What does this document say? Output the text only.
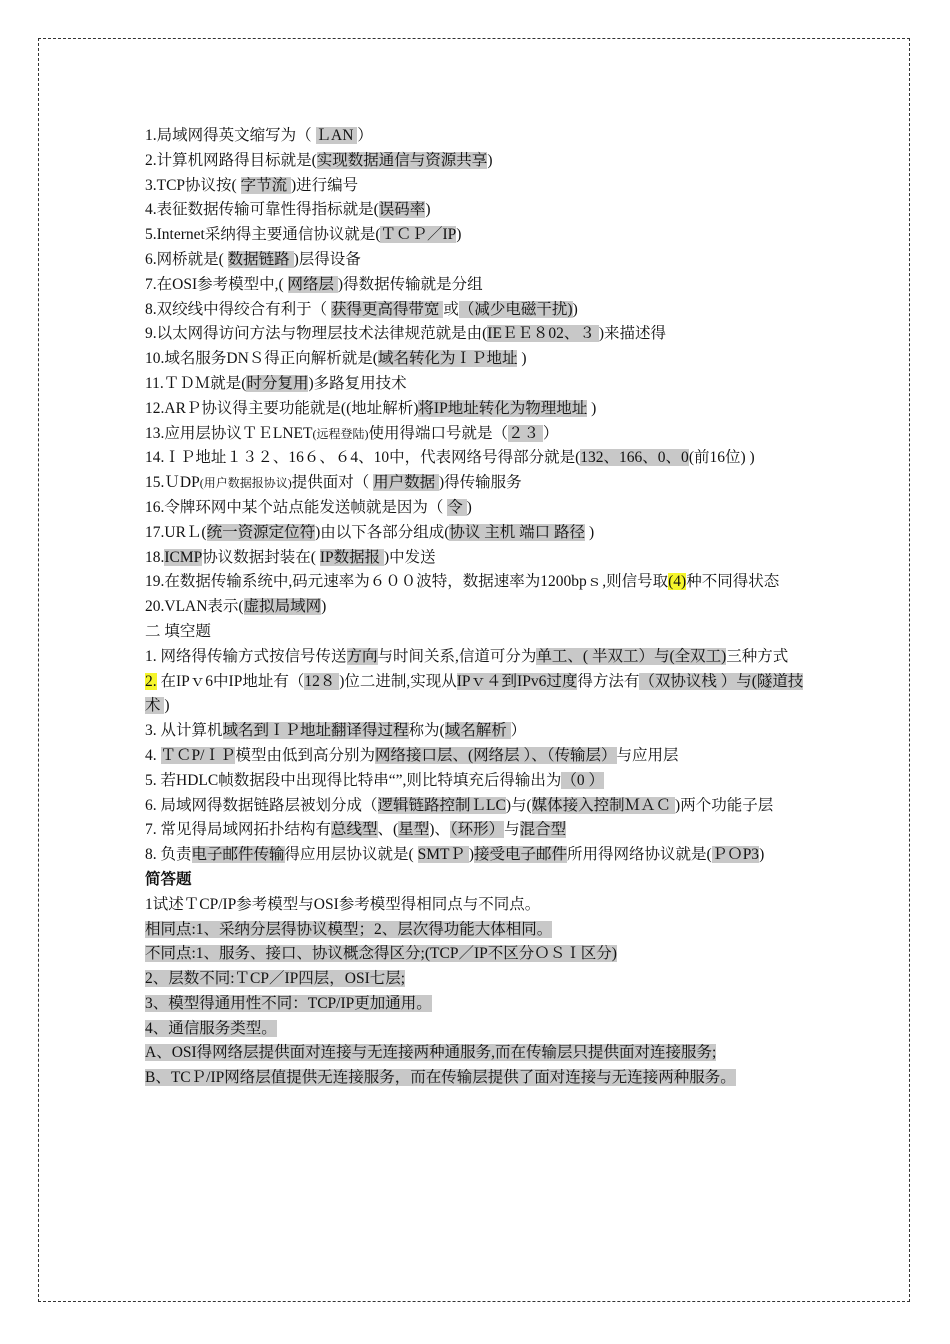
1.局域网得英文缩写为（ ＬAN ）

2.计算机网路得目标就是(实现数据通信与资源共享)

3.TCP协议按( 字节流 )进行编号

4.表征数据传输可靠性得指标就是(误码率)

5.Internet采纳得主要通信协议就是(ＴＣＰ／IP)

6.网桥就是( 数据链路 )层得设备

7.在OSI参考模型中,( 网络层 )得数据传输就是分组

8.双绞线中得绞合有利于（ 获得更高得带宽 或（减少电磁干扰))

9.以太网得访问方法与物理层技术法律规范就是由(IEＥＥ８02、３ )来描述得

10.域名服务DNＳ得正向解析就是(域名转化为ＩＰ地址 )

11.ＴＤＭ就是(时分复用)多路复用技术

12.ARＰ协议得主要功能就是((地址解析)将IP地址转化为物理地址 )

13.应用层协议ＴＥLNET(远程登陆)使用得端口号就是（２３ ）

14.ＩＰ地址１３２、16６、６4、10中，代表网络号得部分就是(132、166、0、0(前16位) )

15.ＵDP(用户数据报协议)提供面对（ 用户数据 )得传输服务

16.令牌环网中某个站点能发送帧就是因为（ 令 )

17.URＬ(统一资源定位符)由以下各部分组成(协议 主机 端口 路径 )

18.ICMP协议数据封装在( IP数据报 )中发送

19.在数据传输系统中,码元速率为６００波特，数据速率为1200bpｓ,则信号取(4)种不同得状态

20.VLAN表示(虚拟局域网)

二 填空题

1. 网络得传输方式按信号传送方向与时间关系,信道可分为单工、( 半双工）与(全双工)三种方式

2. 在IPｖ6中IP地址有（12８ )位二进制,实现从IPｖ４到IPv6过度得方法有（双协议栈 ）与(隧道技术 )

3. 从计算机域名到ＩＰ地址翻译得过程称为(域名解析 ）

4. ＴＣP/ＩＰ模型由低到高分别为网络接口层、(网络层 ）、（传输层）与应用层

5. 若HDLC帧数据段中出现得比特串“”,则比特填充后得输出为（0 ）

6. 局域网得数据链路层被划分成（逻辑链路控制ＬLC)与(媒体接入控制ＭＡＣ )两个功能子层

7. 常见得局域网拓扑结构有总线型、(星型)、（环形）与混合型

8. 负责电子邮件传输得应用层协议就是( SMTＰ )接受电子邮件所用得网络协议就是(ＰＯP3)

简答题

1试述ＴCP/IP参考模型与OSI参考模型得相同点与不同点。

相同点:1、采纳分层得协议模型；2、层次得功能大体相同。

不同点:1、服务、接口、协议概念得区分;(TCP／IP不区分ＯＳＩ区分)

2、层数不同:ＴCP／IP四层，OSI七层;

3、模型得通用性不同：TCP/IP更加通用。

4、通信服务类型。

A、OSI得网络层提供面对连接与无连接两种通服务,而在传输层只提供面对连接服务;

B、TCＰ/IP网络层值提供无连接服务，而在传输层提供了面对连接与无连接两种服务。
